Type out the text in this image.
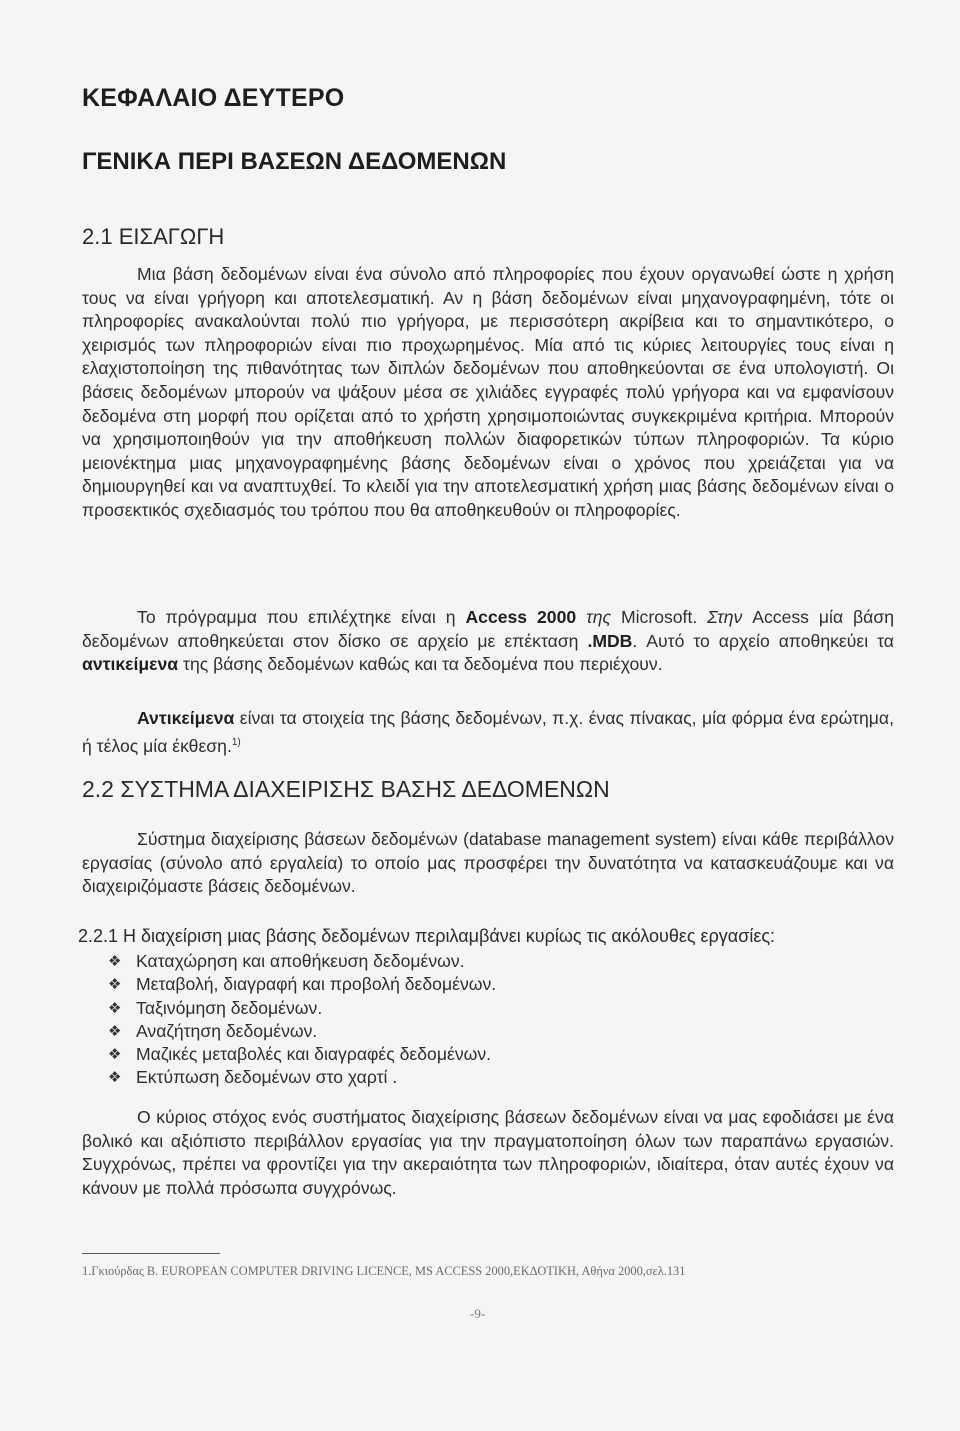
ΚΕΦΑΛΑΙΟ ΔΕΥΤΕΡΟ
ΓΕΝΙΚΑ ΠΕΡΙ ΒΑΣΕΩΝ ΔΕΔΟΜΕΝΩΝ
2.1 ΕΙΣΑΓΩΓΗ

Μια βάση δεδομένων είναι ένα σύνολο από πληροφορίες που έχουν οργανωθεί ώστε η χρήση τους να είναι γρήγορη και αποτελεσματική. Αν η βάση δεδομένων είναι μηχανογραφημένη, τότε οι πληροφορίες ανακαλούνται πολύ πιο γρήγορα, με περισσότερη ακρίβεια και το σημαντικότερο, ο χειρισμός των πληροφοριών είναι πιο προχωρημένος. Μία από τις κύριες λειτουργίες τους είναι η ελαχιστοποίηση της πιθανότητας των διπλών δεδομένων που αποθηκεύονται σε ένα υπολογιστή. Οι βάσεις δεδομένων μπορούν να ψάξουν μέσα σε χιλιάδες εγγραφές πολύ γρήγορα και να εμφανίσουν δεδομένα στη μορφή που ορίζεται από το χρήστη χρησιμοποιώντας συγκεκριμένα κριτήρια. Μπορούν να χρησιμοποιηθούν για την αποθήκευση πολλών διαφορετικών τύπων πληροφοριών. Τα κύριο μειονέκτημα μιας μηχανογραφημένης βάσης δεδομένων είναι ο χρόνος που χρειάζεται για να δημιουργηθεί και να αναπτυχθεί. Το κλειδί για την αποτελεσματική χρήση μιας βάσης δεδομένων είναι ο προσεκτικός σχεδιασμός του τρόπου που θα αποθηκευθούν οι πληροφορίες.

Το πρόγραμμα που επιλέχτηκε είναι η Access 2000 της Microsoft. Στην Access μία βάση δεδομένων αποθηκεύεται στον δίσκο σε αρχείο με επέκταση .MDB. Αυτό το αρχείο αποθηκεύει τα αντικείμενα της βάσης δεδομένων καθώς και τα δεδομένα που περιέχουν.

Αντικείμενα είναι τα στοιχεία της βάσης δεδομένων, π.χ. ένας πίνακας, μία φόρμα ένα ερώτημα, ή τέλος μία έκθεση.$^{1)}$

2.2 ΣΥΣΤΗΜΑ ΔΙΑΧΕΙΡΙΣΗΣ ΒΑΣΗΣ ΔΕΔΟΜΕΝΩΝ

Σύστημα διαχείρισης βάσεων δεδομένων (database management system) είναι κάθε περιβάλλον εργασίας (σύνολο από εργαλεία) το οποίο μας προσφέρει την δυνατότητα να κατασκευάζουμε και να διαχειριζόμαστε βάσεις δεδομένων.

2.2.1 Η διαχείριση μιας βάσης δεδομένων περιλαμβάνει κυρίως τις ακόλουθες εργασίες:
❖ Καταχώρηση και αποθήκευση δεδομένων.
❖ Μεταβολή, διαγραφή και προβολή δεδομένων.
❖ Ταξινόμηση δεδομένων.
❖ Αναζήτηση δεδομένων.
❖ Μαζικές μεταβολές και διαγραφές δεδομένων.
❖ Εκτύπωση δεδομένων στο χαρτί .

Ο κύριος στόχος ενός συστήματος διαχείρισης βάσεων δεδομένων είναι να μας εφοδιάσει με ένα βολικό και αξιόπιστο περιβάλλον εργασίας για την πραγματοποίηση όλων των παραπάνω εργασιών. Συγχρόνως, πρέπει να φροντίζει για την ακεραιότητα των πληροφοριών, ιδιαίτερα, όταν αυτές έχουν να κάνουν με πολλά πρόσωπα συγχρόνως.

1.Γκιούρδας Β. EUROPEAN COMPUTER DRIVING LICENCE, MS ACCESS 2000,ΕΚΔΟΤΙΚΗ, Αθήνα 2000,σελ.131

-9-
